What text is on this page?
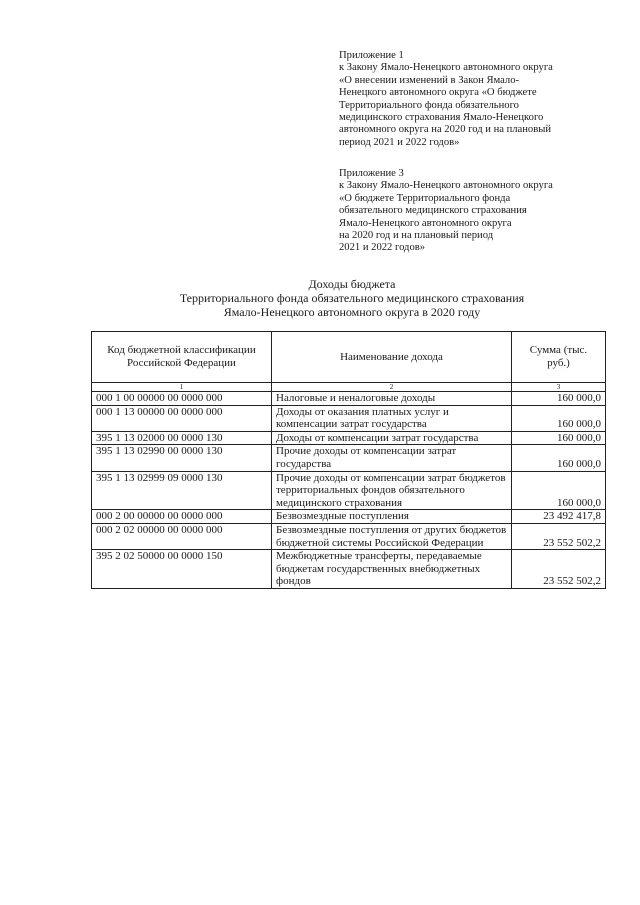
Приложение 1
к Закону Ямало-Ненецкого автономного округа
«О внесении изменений в Закон Ямало-
Ненецкого автономного округа «О бюджете
Территориального фонда обязательного
медицинского страхования Ямало-Ненецкого
автономного округа на 2020 год и на плановый
период 2021 и 2022 годов»
Приложение 3
к Закону Ямало-Ненецкого автономного округа
«О бюджете Территориального фонда
обязательного медицинского страхования
Ямало-Ненецкого автономного округа
на 2020 год и на плановый период
2021 и 2022 годов»
Доходы бюджета
Территориального фонда обязательного медицинского страхования
Ямало-Ненецкого автономного округа в 2020 году
Код бюджетной классификации Российской Федерации	Наименование дохода	Сумма (тыс. руб.)
1	2	3
000 1 00 00000 00 0000 000	Налоговые и неналоговые доходы	160 000,0
000 1 13 00000 00 0000 000	Доходы от оказания платных услуг и компенсации затрат государства	160 000,0
395 1 13 02000 00 0000 130	Доходы от компенсации затрат государства	160 000,0
395 1 13 02990 00 0000 130	Прочие доходы от компенсации затрат государства	160 000,0
395 1 13 02999 09 0000 130	Прочие доходы от компенсации затрат бюджетов территориальных фондов обязательного медицинского страхования	160 000,0
000 2 00 00000 00 0000 000	Безвозмездные поступления	23 492 417,8
000 2 02 00000 00 0000 000	Безвозмездные поступления от других бюджетов бюджетной системы Российской Федерации	23 552 502,2
395 2 02 50000 00 0000 150	Межбюджетные трансферты, передаваемые бюджетам государственных внебюджетных фондов	23 552 502,2
